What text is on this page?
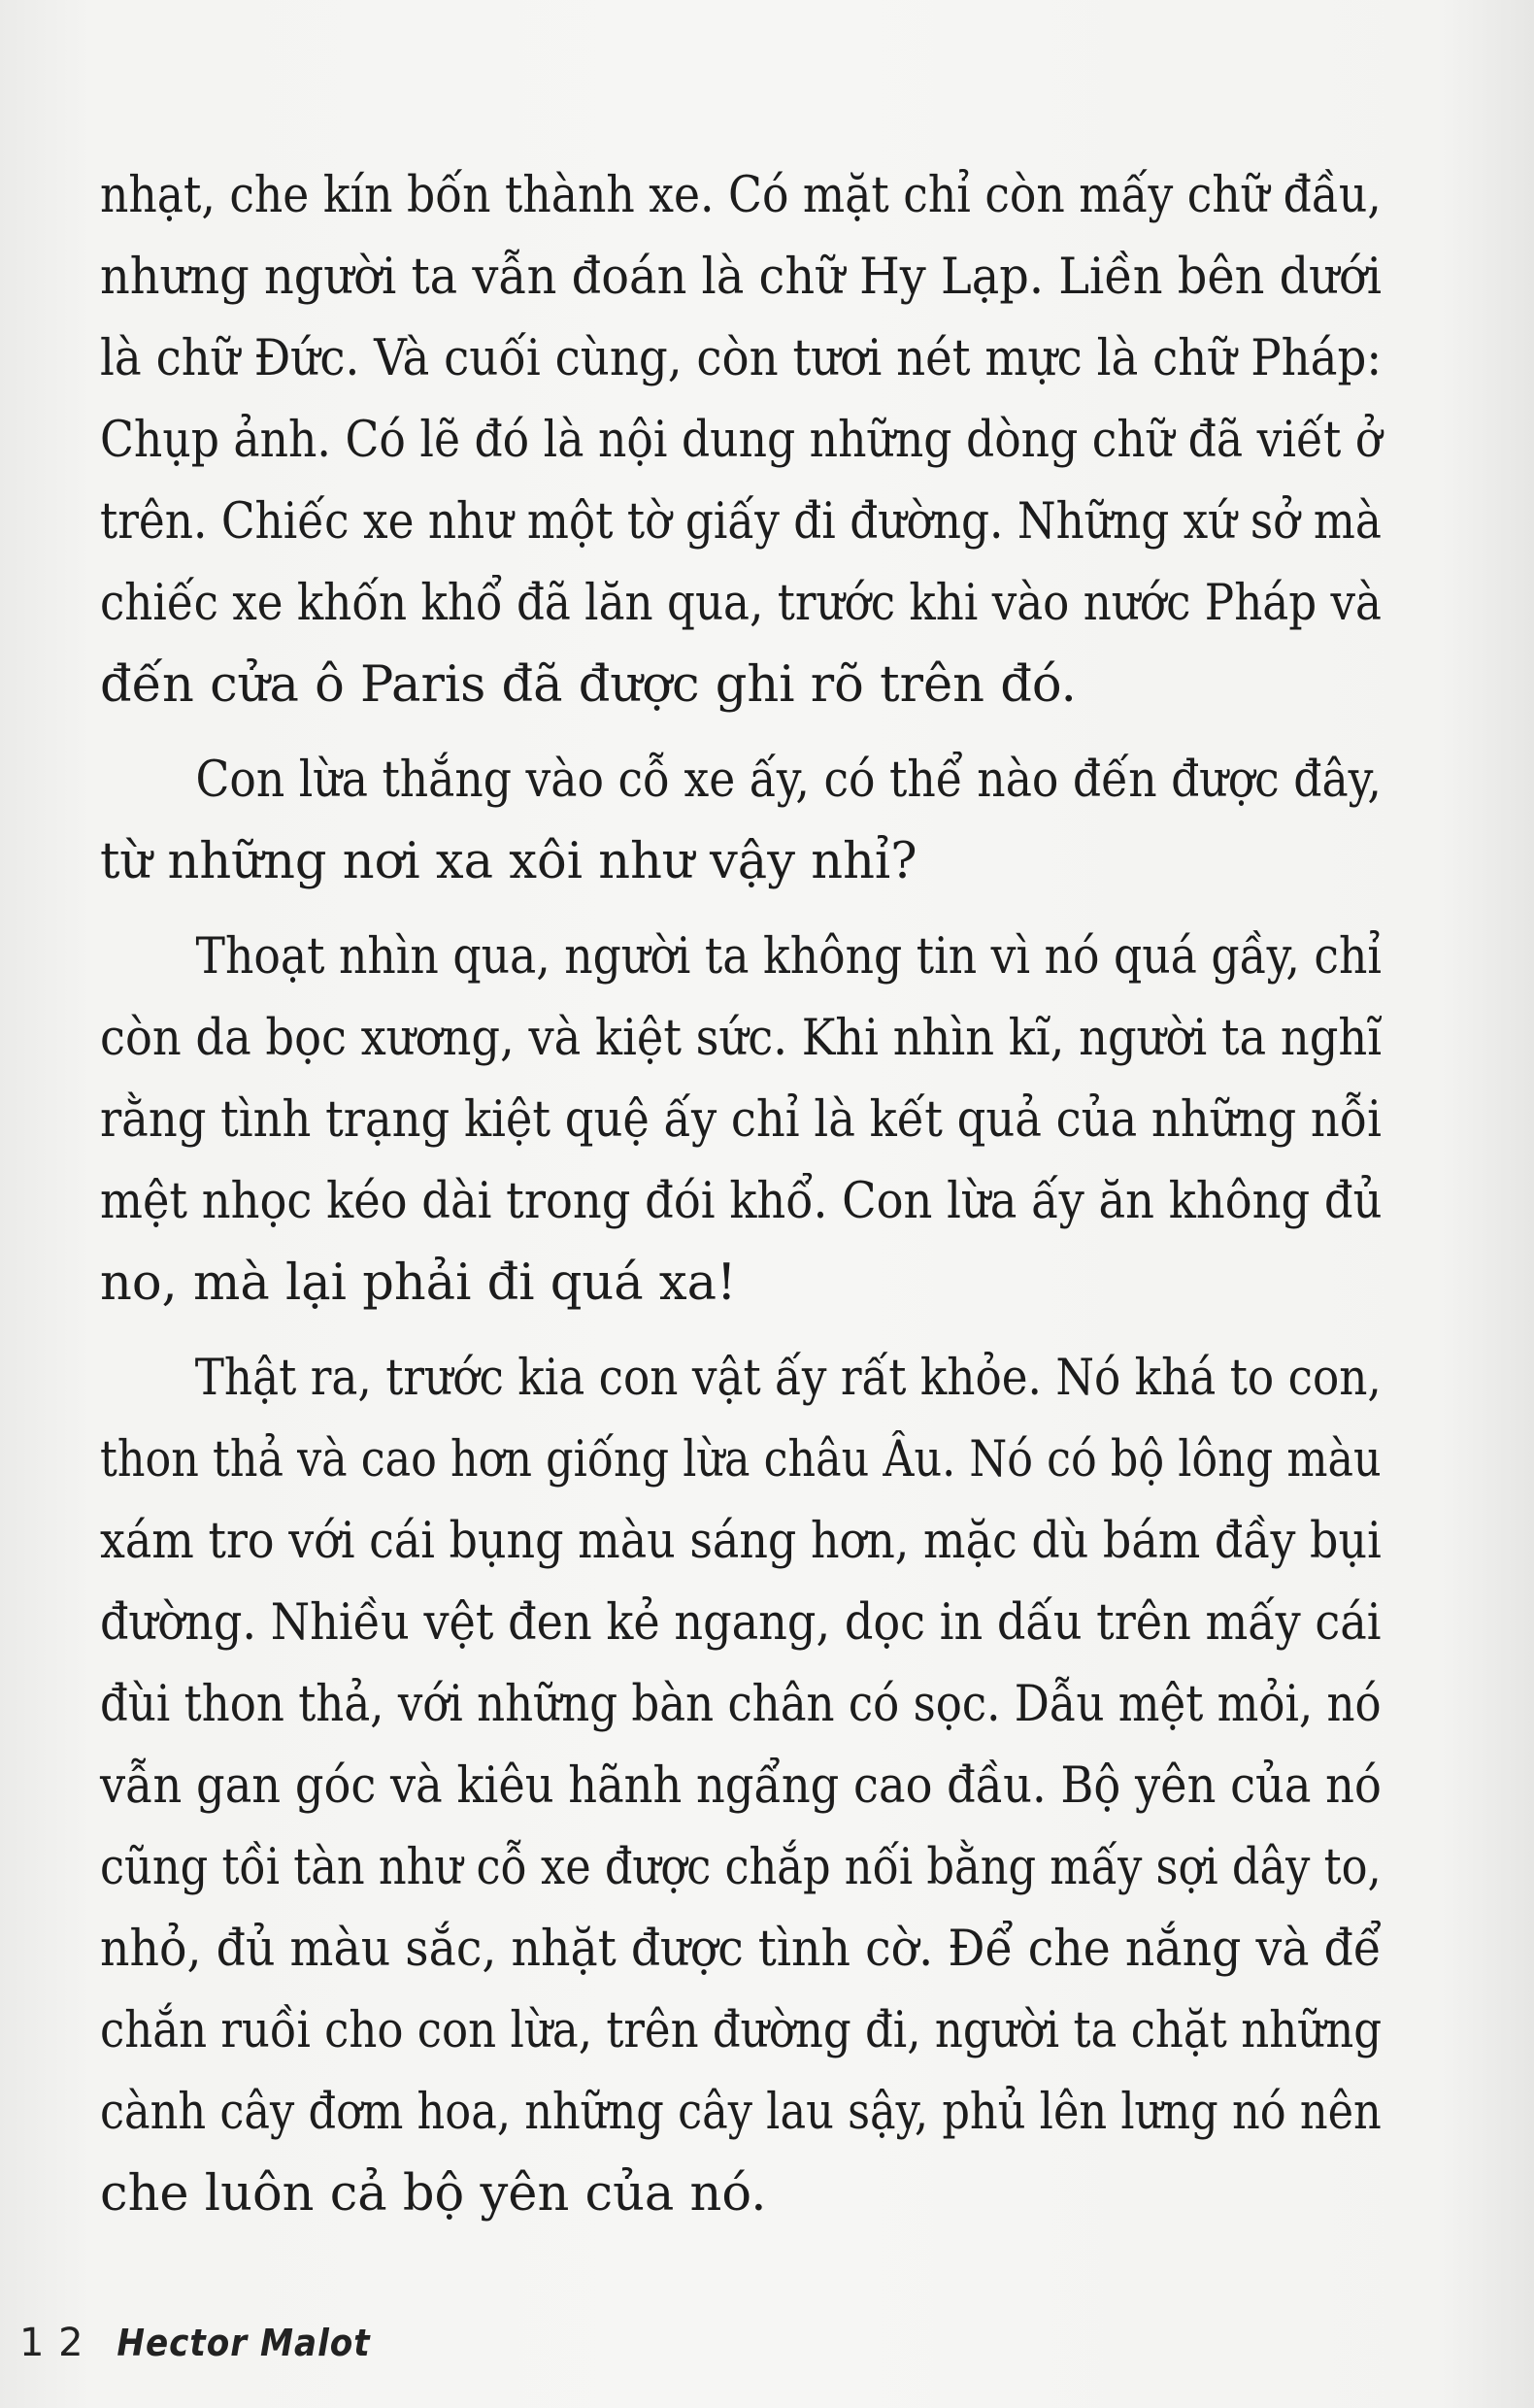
nhạt, che kín bốn thành xe. Có mặt chỉ còn mấy chữ đầu,
nhưng người ta vẫn đoán là chữ Hy Lạp. Liền bên dưới
là chữ Đức. Và cuối cùng, còn tươi nét mực là chữ Pháp:
Chụp ảnh. Có lẽ đó là nội dung những dòng chữ đã viết ở
trên. Chiếc xe như một tờ giấy đi đường. Những xứ sở mà
chiếc xe khốn khổ đã lăn qua, trước khi vào nước Pháp và
đến cửa ô Paris đã được ghi rõ trên đó.
Con lừa thắng vào cỗ xe ấy, có thể nào đến được đây,
từ những nơi xa xôi như vậy nhỉ?
Thoạt nhìn qua, người ta không tin vì nó quá gầy, chỉ
còn da bọc xương, và kiệt sức. Khi nhìn kĩ, người ta nghĩ
rằng tình trạng kiệt quệ ấy chỉ là kết quả của những nỗi
mệt nhọc kéo dài trong đói khổ. Con lừa ấy ăn không đủ
no, mà lại phải đi quá xa!
Thật ra, trước kia con vật ấy rất khỏe. Nó khá to con,
thon thả và cao hơn giống lừa châu Âu. Nó có bộ lông màu
xám tro với cái bụng màu sáng hơn, mặc dù bám đầy bụi
đường. Nhiều vệt đen kẻ ngang, dọc in dấu trên mấy cái
đùi thon thả, với những bàn chân có sọc. Dẫu mệt mỏi, nó
vẫn gan góc và kiêu hãnh ngẩng cao đầu. Bộ yên của nó
cũng tồi tàn như cỗ xe được chắp nối bằng mấy sợi dây to,
nhỏ, đủ màu sắc, nhặt được tình cờ. Để che nắng và để
chắn ruồi cho con lừa, trên đường đi, người ta chặt những
cành cây đơm hoa, những cây lau sậy, phủ lên lưng nó nên
che luôn cả bộ yên của nó.
1 2 Hector Malot
